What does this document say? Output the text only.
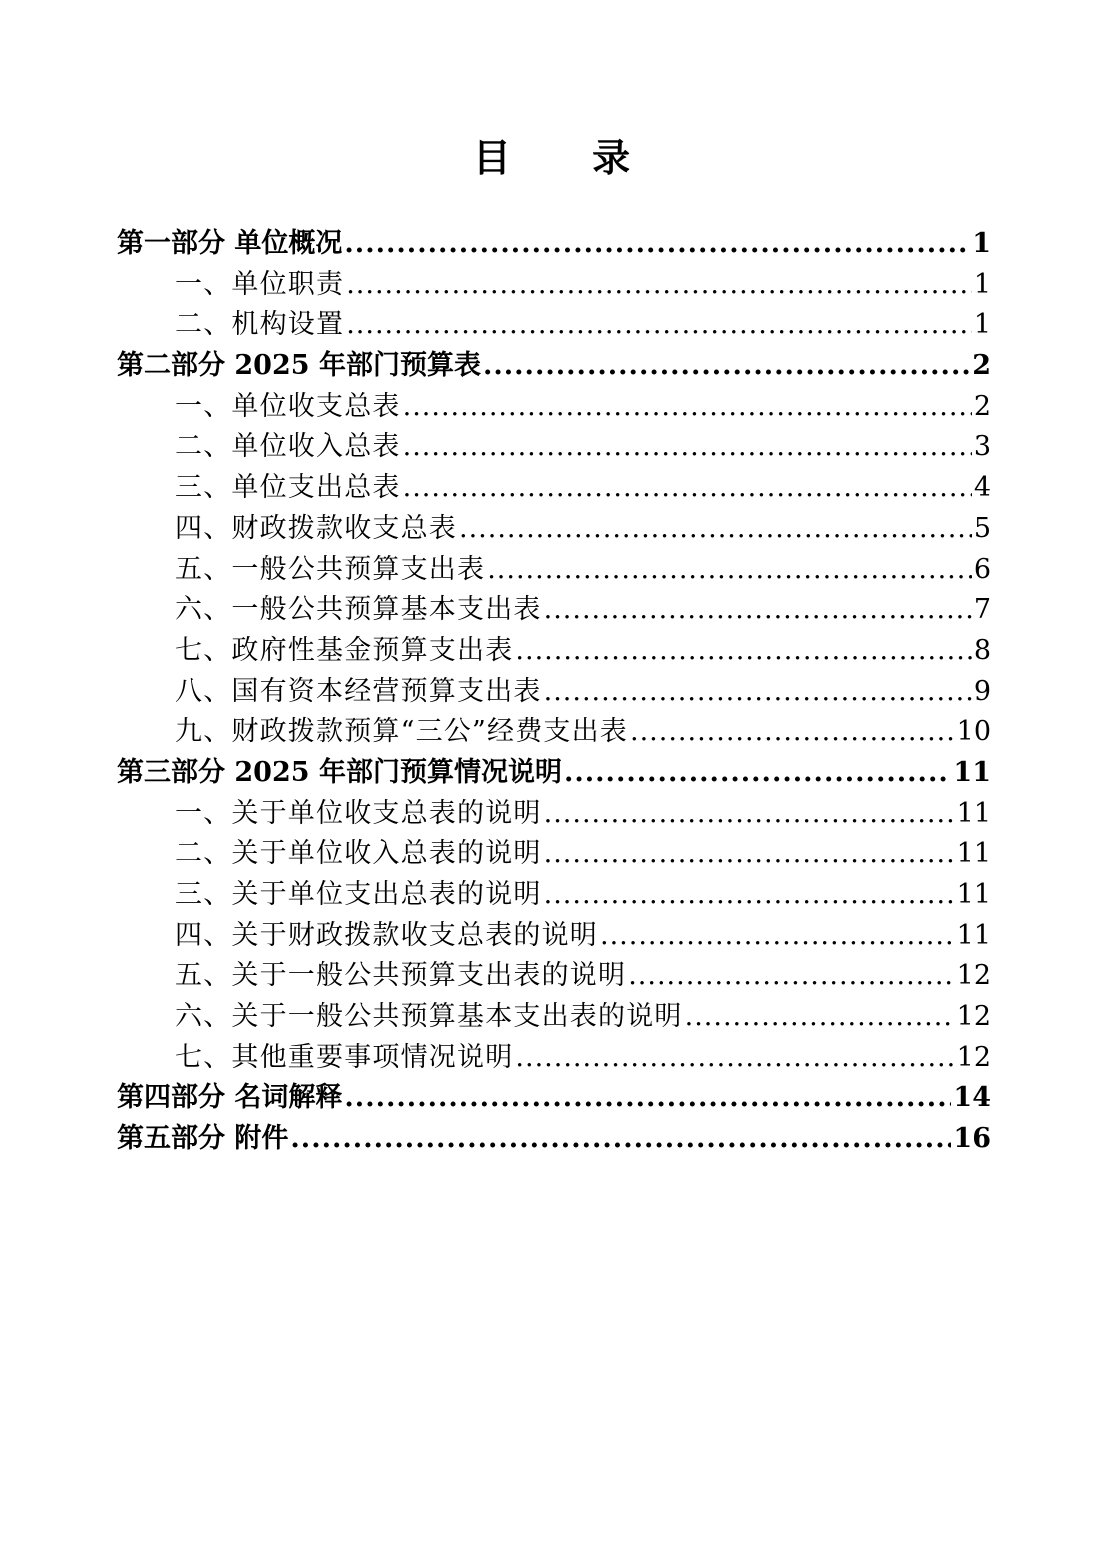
目 录
第一部分 单位概况 .....	1
一、单位职责 .....	1
二、机构设置 .....	1
第二部分 2025 年部门预算表 .....	2
一、单位收支总表 .....	2
二、单位收入总表 .....	3
三、单位支出总表 .....	4
四、财政拨款收支总表 .....	5
五、一般公共预算支出表 .....	6
六、一般公共预算基本支出表 .....	7
七、政府性基金预算支出表 .....	8
八、国有资本经营预算支出表 .....	9
九、财政拨款预算“三公”经费支出表 .....	10
第三部分 2025 年部门预算情况说明 .....	11
一、关于单位收支总表的说明 .....	11
二、关于单位收入总表的说明 .....	11
三、关于单位支出总表的说明 .....	11
四、关于财政拨款收支总表的说明 .....	11
五、关于一般公共预算支出表的说明 .....	12
六、关于一般公共预算基本支出表的说明 .....	12
七、其他重要事项情况说明 .....	12
第四部分 名词解释 .....	14
第五部分 附件 .....	16
